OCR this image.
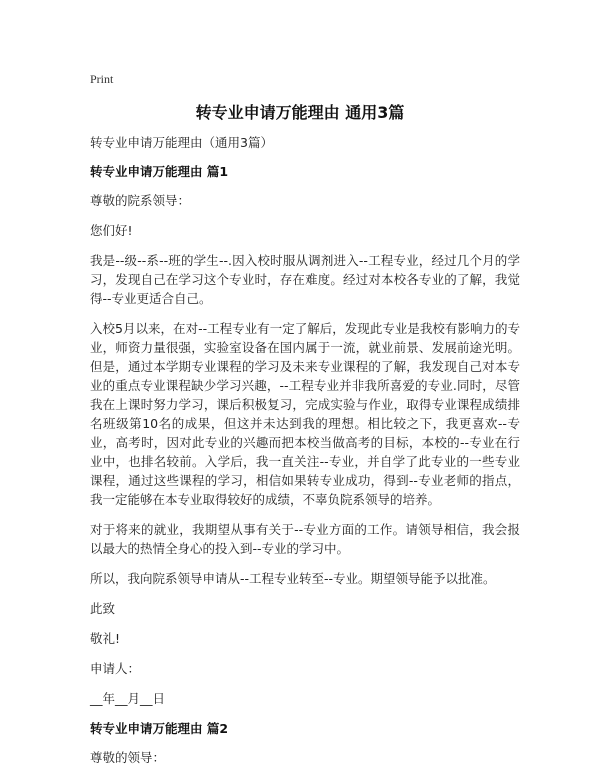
Print
转专业申请万能理由 通用3篇

转专业申请万能理由（通用3篇）

转专业申请万能理由 篇1

尊敬的院系领导：

您们好!

我是--级--系--班的学生--.因入校时服从调剂进入--工程专业，经过几个月的学习，发现自己在学习这个专业时，存在难度。经过对本校各专业的了解，我觉得--专业更适合自己。

入校5月以来，在对--工程专业有一定了解后，发现此专业是我校有影响力的专业，师资力量很强，实验室设备在国内属于一流，就业前景、发展前途光明。但是，通过本学期专业课程的学习及未来专业课程的了解，我发现自己对本专业的重点专业课程缺少学习兴趣，--工程专业并非我所喜爱的专业.同时，尽管我在上课时努力学习，课后积极复习，完成实验与作业，取得专业课程成绩排名班级第10名的成果，但这并未达到我的理想。相比较之下，我更喜欢--专业，高考时，因对此专业的兴趣而把本校当做高考的目标，本校的--专业在行业中，也排名较前。入学后，我一直关注--专业，并自学了此专业的一些专业课程，通过这些课程的学习，相信如果转专业成功，得到--专业老师的指点，我一定能够在本专业取得较好的成绩，不辜负院系领导的培养。

对于将来的就业，我期望从事有关于--专业方面的工作。请领导相信，我会报以最大的热情全身心的投入到--专业的学习中。

所以，我向院系领导申请从--工程专业转至--专业。期望领导能予以批准。

此致

敬礼!

申请人：

__年__月__日

转专业申请万能理由 篇2

尊敬的领导：
